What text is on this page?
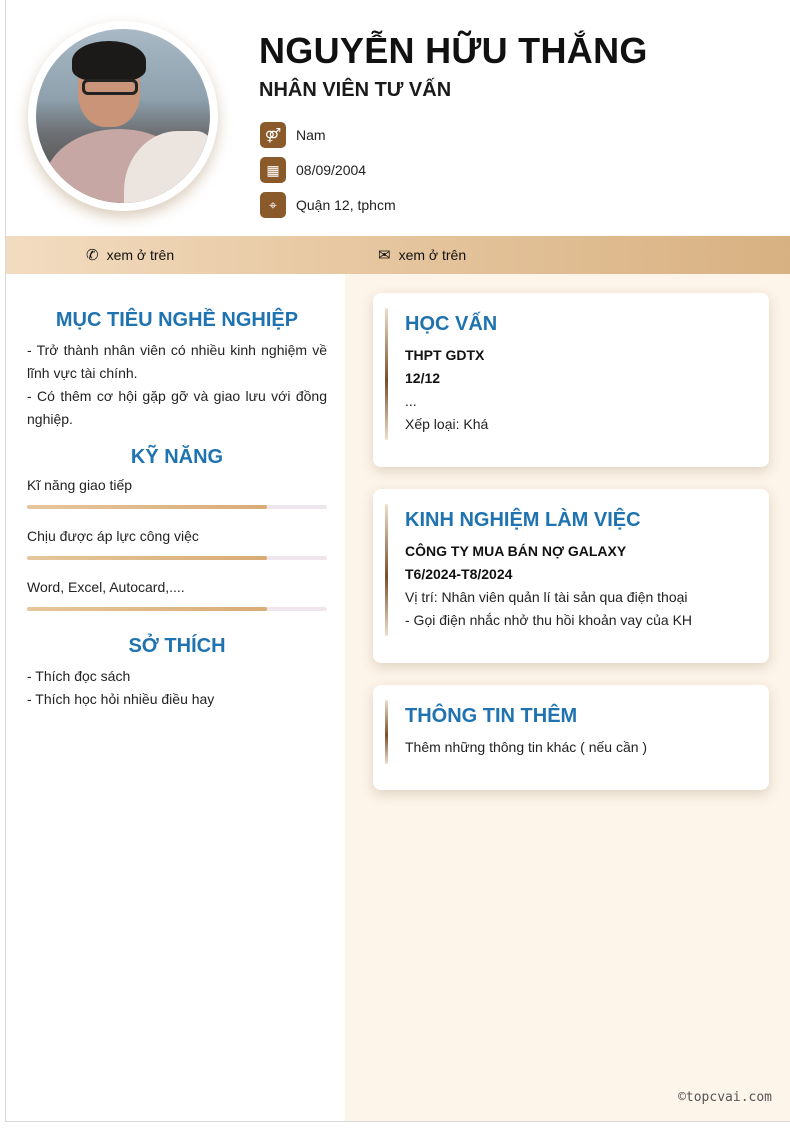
NGUYỄN HỮU THẮNG
NHÂN VIÊN TƯ VẤN
⚤	Nam
▦	08/09/2004
⌖	Quận 12, tphcm
✆ xem ở trên	✉ xem ở trên
MỤC TIÊU NGHỀ NGHIỆP
- Trở thành nhân viên có nhiều kinh nghiệm về lĩnh vực tài chính.
- Có thêm cơ hội gặp gỡ và giao lưu với đồng nghiệp.
KỸ NĂNG
Kĩ năng giao tiếp
Chịu được áp lực công việc
Word, Excel, Autocard,....
SỞ THÍCH
- Thích đọc sách
- Thích học hỏi nhiều điều hay
HỌC VẤN
THPT GDTX
12/12
...
Xếp loại: Khá
KINH NGHIỆM LÀM VIỆC
CÔNG TY MUA BÁN NỢ GALAXY
T6/2024-T8/2024
Vị trí: Nhân viên quản lí tài sản qua điện thoại
- Gọi điện nhắc nhở thu hồi khoản vay của KH
THÔNG TIN THÊM
Thêm những thông tin khác ( nếu cần )
©topcvai.com
